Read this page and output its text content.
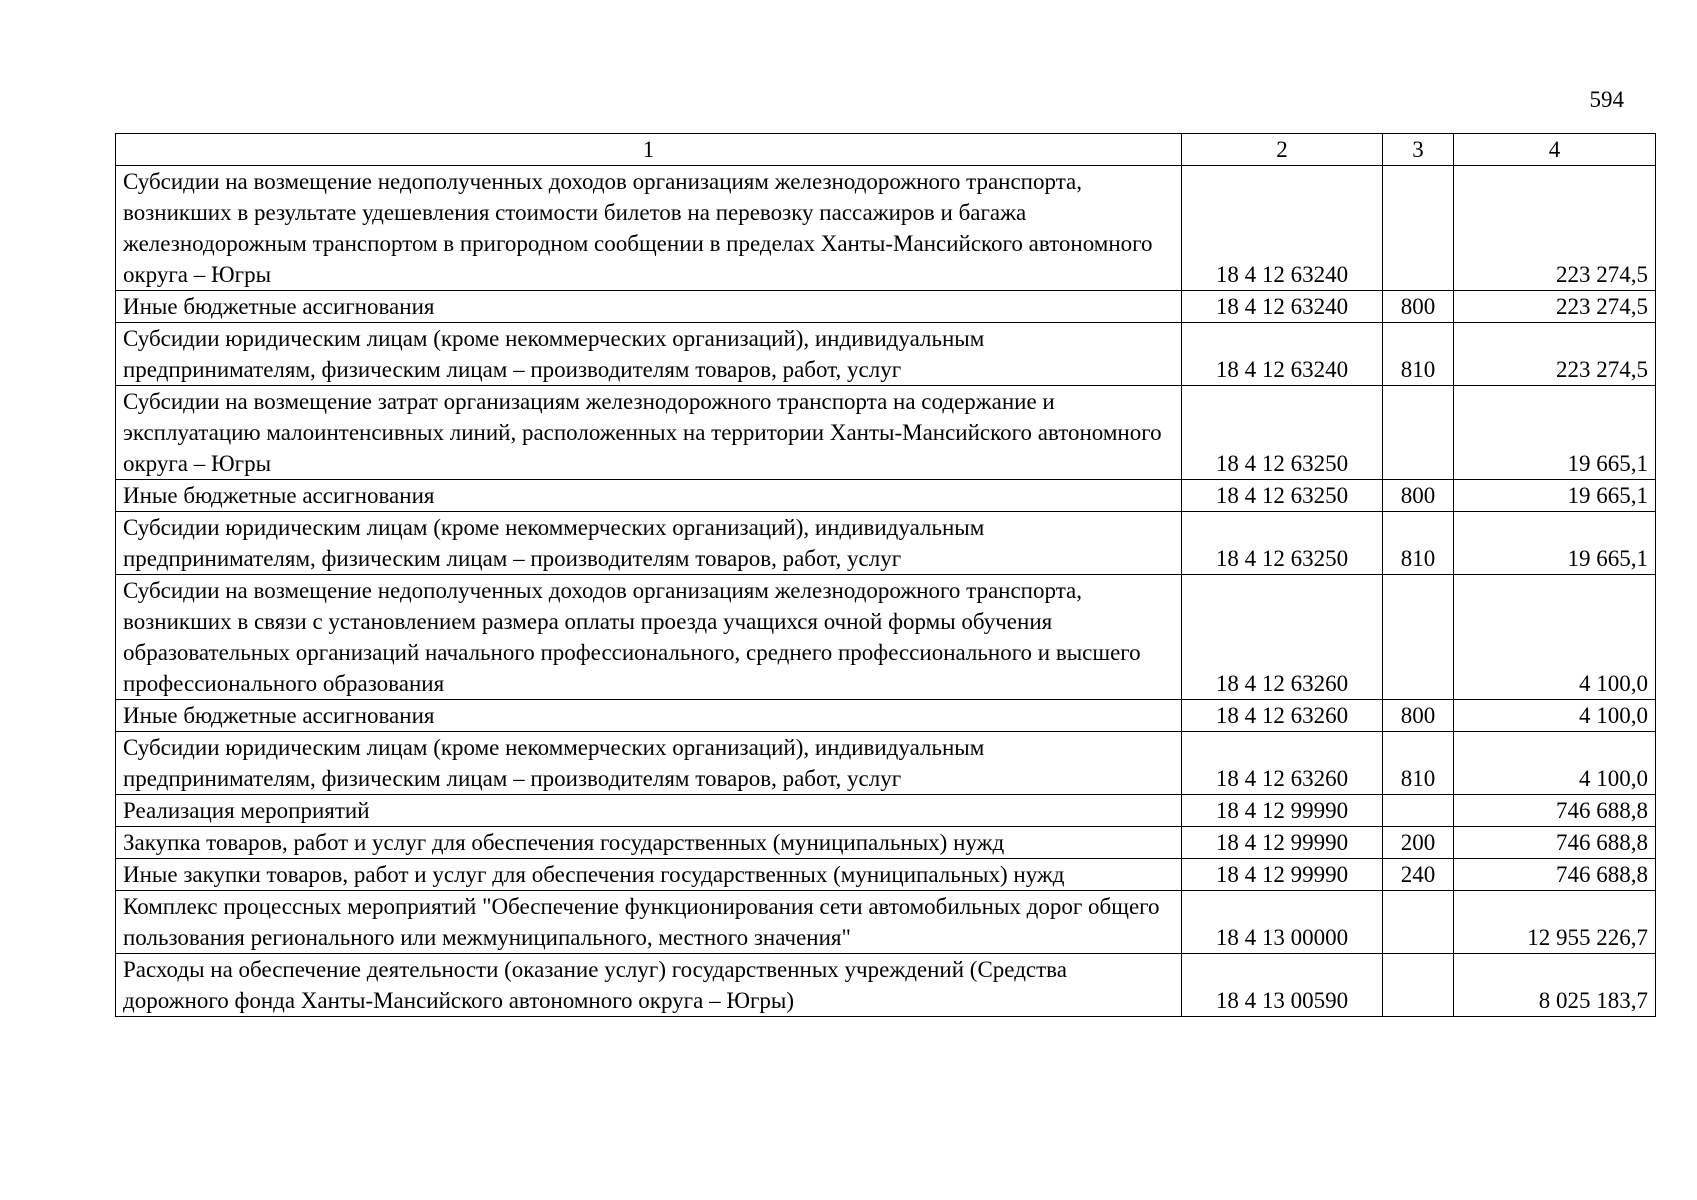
594
1	2	3	4
Субсидии на возмещение недополученных доходов организациям железнодорожного транспорта, возникших в результате удешевления стоимости билетов на перевозку пассажиров и багажа железнодорожным транспортом в пригородном сообщении в пределах Ханты-Мансийского автономного округа – Югры	18 4 12 63240		223 274,5
Иные бюджетные ассигнования	18 4 12 63240	800	223 274,5
Субсидии юридическим лицам (кроме некоммерческих организаций), индивидуальным предпринимателям, физическим лицам – производителям товаров, работ, услуг	18 4 12 63240	810	223 274,5
Субсидии на возмещение затрат организациям железнодорожного транспорта на содержание и эксплуатацию малоинтенсивных линий, расположенных на территории Ханты-Мансийского автономного округа – Югры	18 4 12 63250		19 665,1
Иные бюджетные ассигнования	18 4 12 63250	800	19 665,1
Субсидии юридическим лицам (кроме некоммерческих организаций), индивидуальным предпринимателям, физическим лицам – производителям товаров, работ, услуг	18 4 12 63250	810	19 665,1
Субсидии на возмещение недополученных доходов организациям железнодорожного транспорта, возникших в связи с установлением размера оплаты проезда учащихся очной формы обучения образовательных организаций начального профессионального, среднего профессионального и высшего профессионального образования	18 4 12 63260		4 100,0
Иные бюджетные ассигнования	18 4 12 63260	800	4 100,0
Субсидии юридическим лицам (кроме некоммерческих организаций), индивидуальным предпринимателям, физическим лицам – производителям товаров, работ, услуг	18 4 12 63260	810	4 100,0
Реализация мероприятий	18 4 12 99990		746 688,8
Закупка товаров, работ и услуг для обеспечения государственных (муниципальных) нужд	18 4 12 99990	200	746 688,8
Иные закупки товаров, работ и услуг для обеспечения государственных (муниципальных) нужд	18 4 12 99990	240	746 688,8
Комплекс процессных мероприятий "Обеспечение функционирования сети автомобильных дорог общего пользования регионального или межмуниципального, местного значения"	18 4 13 00000		12 955 226,7
Расходы на обеспечение деятельности (оказание услуг) государственных учреждений (Средства дорожного фонда Ханты-Мансийского автономного округа – Югры)	18 4 13 00590		8 025 183,7
